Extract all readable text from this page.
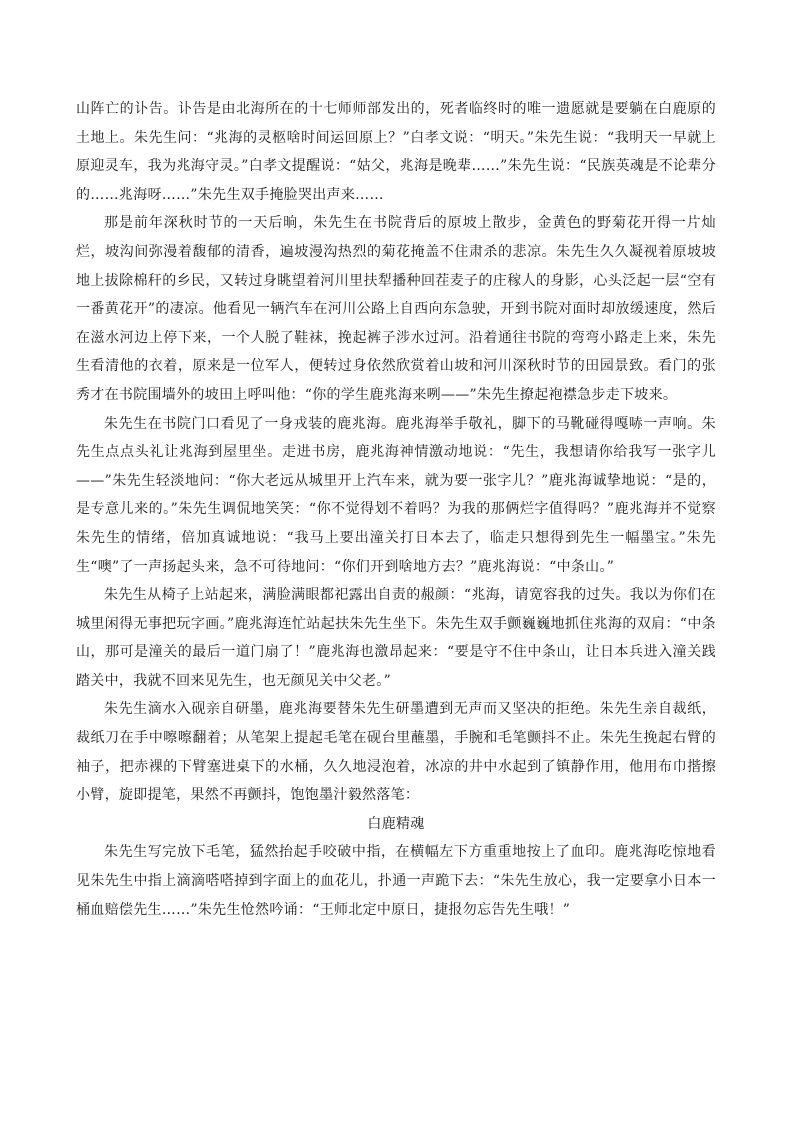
山阵亡的讣告。讣告是由北海所在的十七师师部发出的，死者临终时的唯一遗愿就是要躺在白鹿原的土地上。朱先生问：“兆海的灵柩啥时间运回原上？”白孝文说：“明天。”朱先生说：“我明天一早就上原迎灵车，我为兆海守灵。”白孝文提醒说：“姑父，兆海是晚辈……”朱先生说：“民族英魂是不论辈分的……兆海呀……”朱先生双手掩脸哭出声来……

那是前年深秋时节的一天后晌，朱先生在书院背后的原坡上散步，金黄色的野菊花开得一片灿烂，坡沟间弥漫着馥郁的清香，遍坡漫沟热烈的菊花掩盖不住肃杀的悲凉。朱先生久久凝视着原坡坡地上拔除棉秆的乡民，又转过身眺望着河川里扶犁播种回茬麦子的庄稼人的身影，心头泛起一层“空有一番黄花开”的凄凉。他看见一辆汽车在河川公路上自西向东急驶，开到书院对面时却放缓速度，然后在滋水河边上停下来，一个人脱了鞋袜，挽起裤子涉水过河。沿着通往书院的弯弯小路走上来，朱先生看清他的衣着，原来是一位军人，便转过身依然欣赏着山坡和河川深秋时节的田园景致。看门的张秀才在书院围墙外的坡田上呼叫他：“你的学生鹿兆海来咧——”朱先生撩起袍襟急步走下坡来。

朱先生在书院门口看见了一身戎装的鹿兆海。鹿兆海举手敬礼，脚下的马靴碰得嘎哧一声响。朱先生点点头礼让兆海到屋里坐。走进书房，鹿兆海神情激动地说：“先生，我想请你给我写一张字儿——”朱先生轻淡地问：“你大老远从城里开上汽车来，就为要一张字儿？”鹿兆海诚挚地说：“是的，是专意儿来的。”朱先生调侃地笑笑：“你不觉得划不着吗？为我的那俩烂字值得吗？”鹿兆海并不觉察朱先生的情绪，倍加真诚地说：“我马上要出潼关打日本去了，临走只想得到先生一幅墨宝。”朱先生“噢”了一声扬起头来，急不可待地问：“你们开到啥地方去？”鹿兆海说：“中条山。”

朱先生从椅子上站起来，满脸满眼都祀露出自责的赧颜：“兆海，请宽容我的过失。我以为你们在城里闲得无事把玩字画。”鹿兆海连忙站起扶朱先生坐下。朱先生双手颤巍巍地抓住兆海的双肩：“中条山，那可是潼关的最后一道门扇了！”鹿兆海也激昂起来：“要是守不住中条山，让日本兵进入潼关践踏关中，我就不回来见先生，也无颜见关中父老。”

朱先生滴水入砚亲自研墨，鹿兆海要替朱先生研墨遭到无声而又坚决的拒绝。朱先生亲自裁纸，裁纸刀在手中嚓嚓翻着；从笔架上提起毛笔在砚台里蘸墨，手腕和毛笔颤抖不止。朱先生挽起右臂的袖子，把赤裸的下臂塞进桌下的水桶，久久地浸泡着，冰凉的井中水起到了镇静作用，他用布巾揩擦小臂，旋即提笔，果然不再颤抖，饱饱墨汁毅然落笔：

白鹿精魂

朱先生写完放下毛笔，猛然抬起手咬破中指，在横幅左下方重重地按上了血印。鹿兆海吃惊地看见朱先生中指上滴滴嗒嗒掉到字面上的血花儿，扑通一声跪下去：“朱先生放心，我一定要拿小日本一桶血赔偿先生……”朱先生怆然吟诵：“王师北定中原日，捷报勿忘告先生哦！”
